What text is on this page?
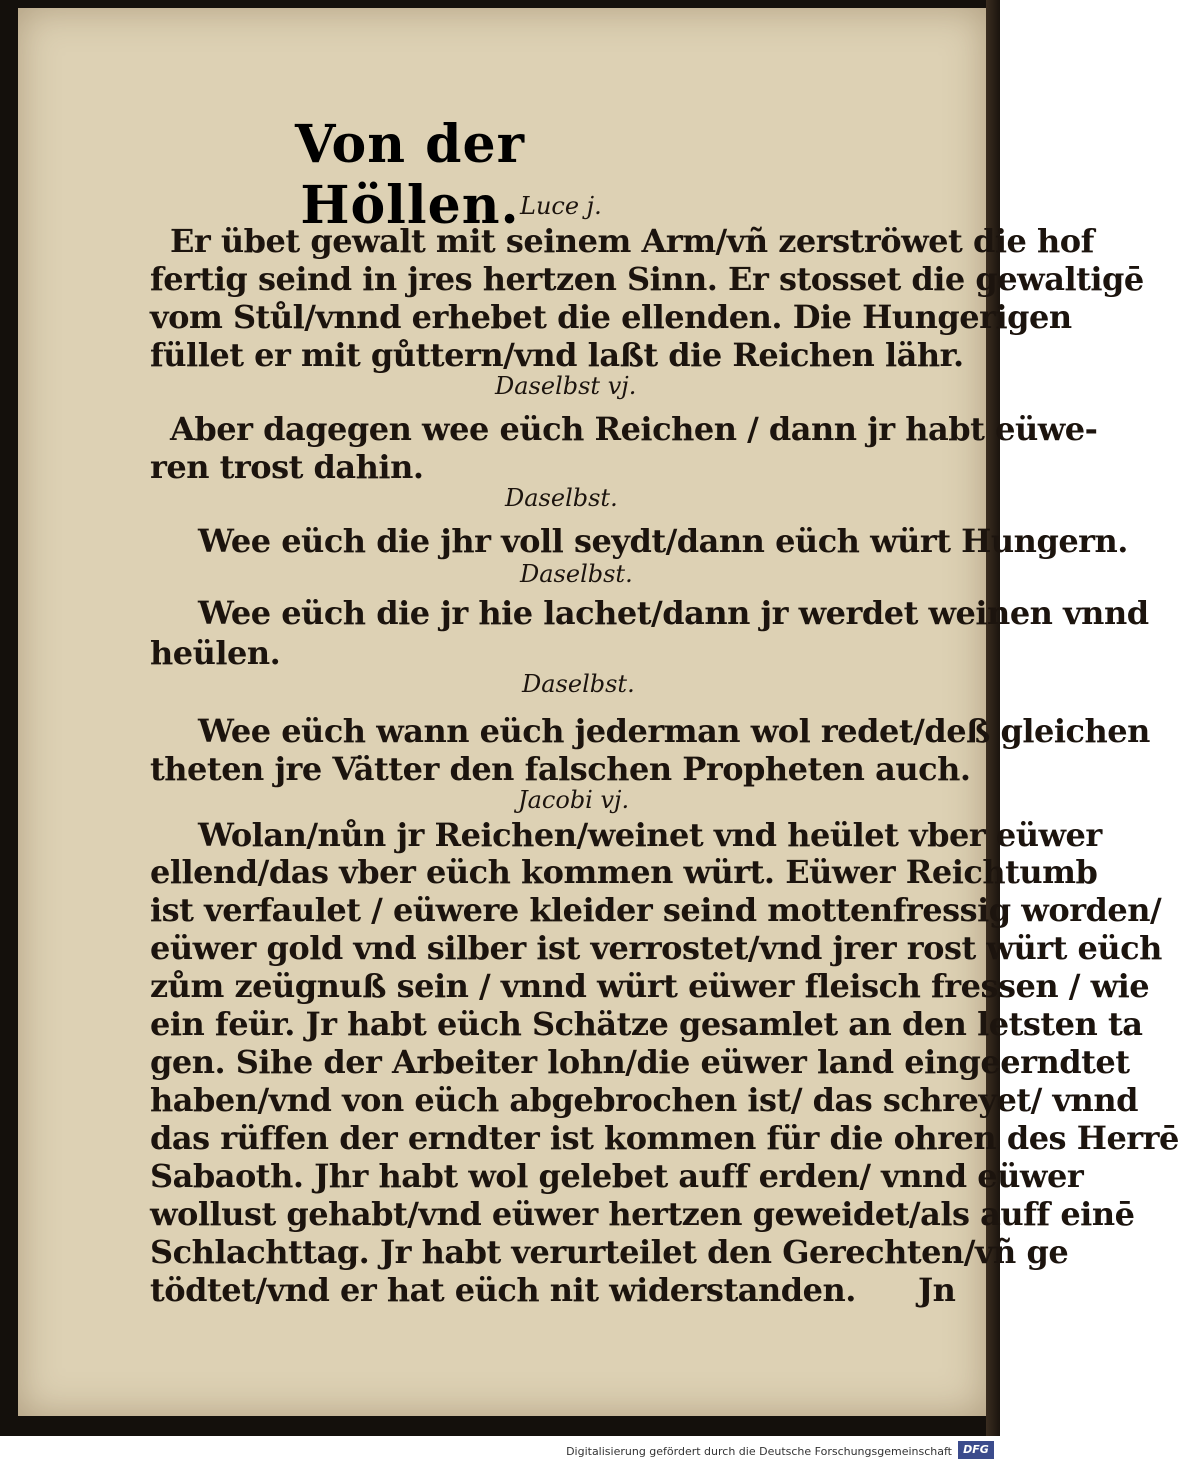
Von der Höllen. Luce j.
Er übet gewalt mit seinem Arm/vñ zerströwet die hof
fertig seind in jres hertzen Sinn. Er stosset die gewaltigē
vom Stůl/vnnd erhebet die ellenden. Die Hungerigen
füllet er mit gůttern/vnd laßt die Reichen lähr.
Daselbst vj.
Aber dagegen wee eüch Reichen / dann jr habt eüwe-
ren trost dahin.
Daselbst.
Wee eüch die jhr voll seydt/dann eüch würt Hungern.
Daselbst.
Wee eüch die jr hie lachet/dann jr werdet weinen vnnd
heülen.
Daselbst.
Wee eüch wann eüch jederman wol redet/deß gleichen
theten jre Vätter den falschen Propheten auch.
Jacobi vj.
Wolan/nůn jr Reichen/weinet vnd heület vber eüwer
ellend/das vber eüch kommen würt. Eüwer Reichtumb
ist verfaulet / eüwere kleider seind mottenfressig worden/
eüwer gold vnd silber ist verrostet/vnd jrer rost würt eüch
zům zeügnuß sein / vnnd würt eüwer fleisch fressen / wie
ein feür. Jr habt eüch Schätze gesamlet an den letsten ta
gen. Sihe der Arbeiter lohn/die eüwer land eingeerndtet
haben/vnd von eüch abgebrochen ist/ das schreyet/ vnnd
das rüffen der erndter ist kommen für die ohren des Herrē
Sabaoth. Jhr habt wol gelebet auff erden/ vnnd eüwer
wollust gehabt/vnd eüwer hertzen geweidet/als auff einē
Schlachttag. Jr habt verurteilet den Gerechten/vñ ge
tödtet/vnd er hat eüch nit widerstanden. Jn
Digitalisierung gefördert durch die Deutsche Forschungsgemeinschaft	DFG
